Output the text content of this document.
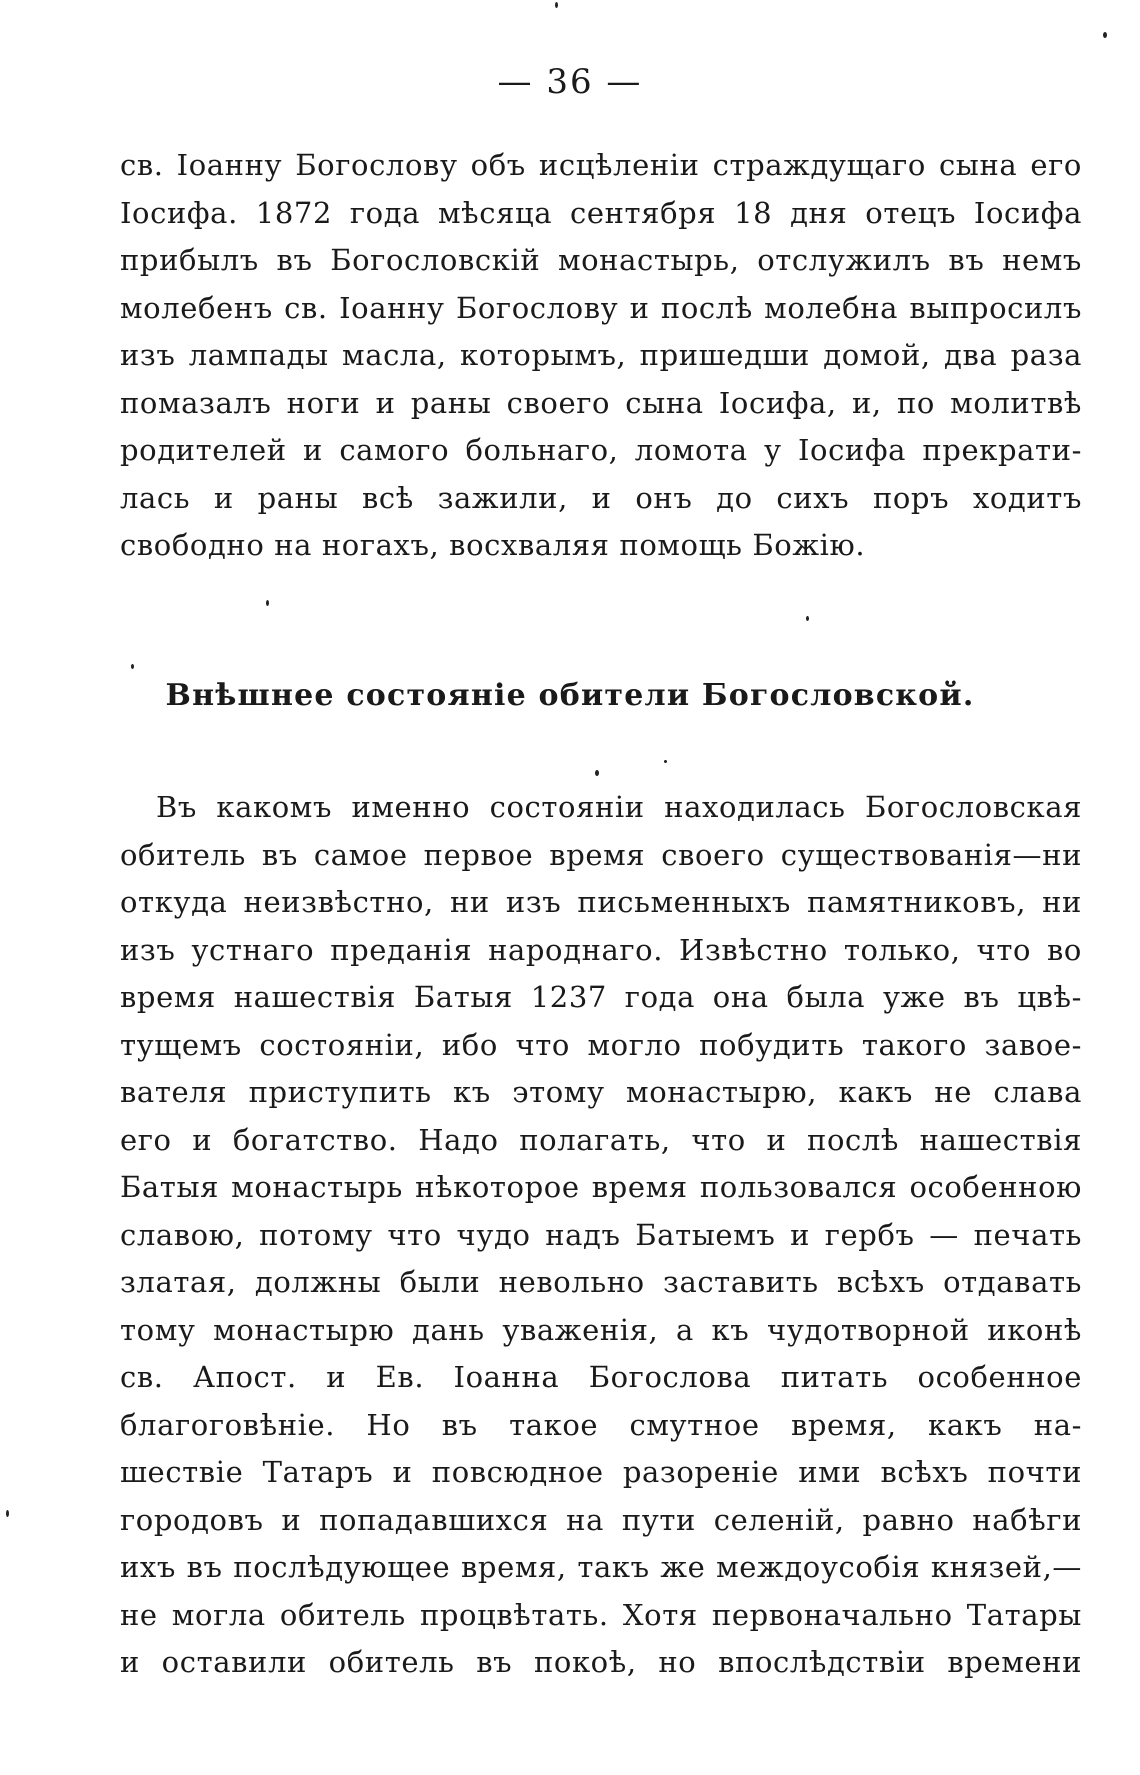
— 36 —
св. Іоанну Богослову объ исцѣленіи страждущаго сына его
Іосифа. 1872 года мѣсяца сентября 18 дня отецъ Іосифа
прибылъ въ Богословскій монастырь, отслужилъ въ немъ
молебенъ св. Іоанну Богослову и послѣ молебна выпросилъ
изъ лампады масла, которымъ, пришедши домой, два раза
помазалъ ноги и раны своего сына Іосифа, и, по молитвѣ
родителей и самого больнаго, ломота у Іосифа прекрати-
лась и раны всѣ зажили, и онъ до сихъ поръ ходитъ
свободно на ногахъ, восхваляя помощь Божію.
Внѣшнее состояніе обители Богословской.
Въ какомъ именно состояніи находилась Богословская
обитель въ самое первое время своего существованія—ни
откуда неизвѣстно, ни изъ письменныхъ памятниковъ, ни
изъ устнаго преданія народнаго. Извѣстно только, что во
время нашествія Батыя 1237 года она была уже въ цвѣ-
тущемъ состояніи, ибо что могло побудить такого завое-
вателя приступить къ этому монастырю, какъ не слава
его и богатство. Надо полагать, что и послѣ нашествія
Батыя монастырь нѣкоторое время пользовался особенною
славою, потому что чудо надъ Батыемъ и гербъ — печать
златая, должны были невольно заставить всѣхъ отдавать
тому монастырю дань уваженія, а къ чудотворной иконѣ
св. Апост. и Ев. Іоанна Богослова питать особенное
благоговѣніе. Но въ такое смутное время, какъ на-
шествіе Татаръ и повсюдное разореніе ими всѣхъ почти
городовъ и попадавшихся на пути селеній, равно набѣги
ихъ въ послѣдующее время, такъ же междоусобія князей,—
не могла обитель процвѣтать. Хотя первоначально Татары
и оставили обитель въ покоѣ, но впослѣдствіи времени
